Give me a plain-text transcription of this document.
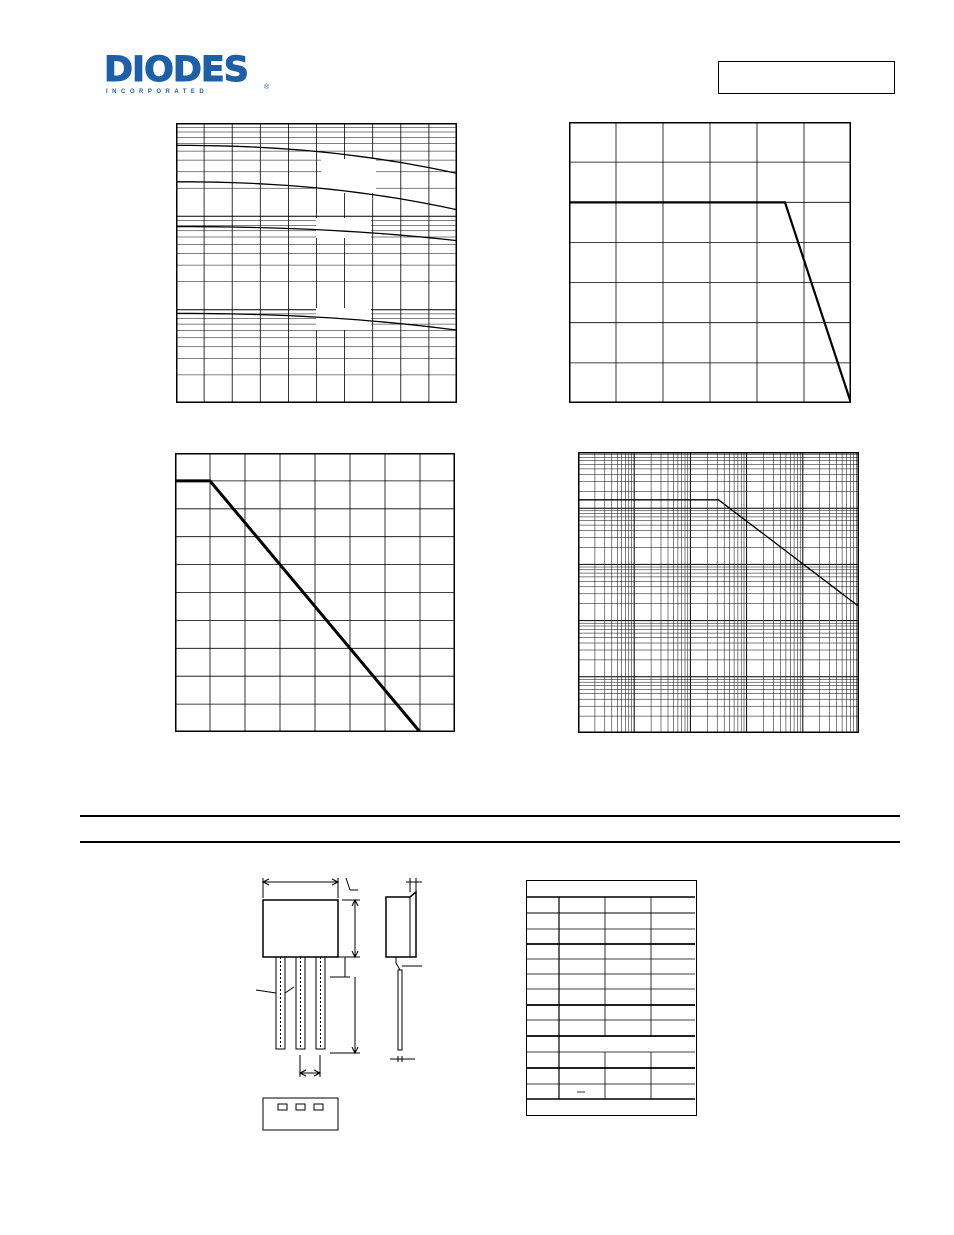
DIODES
INCORPORATED
®
